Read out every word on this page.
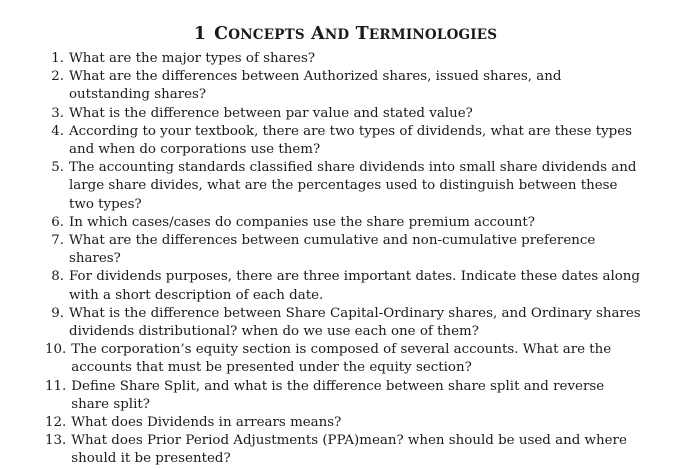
1 CONCEPTS AND TERMINOLOGIES
1. What are the major types of shares?
2. What are the differences between Authorized shares, issued shares, and outstanding shares?
3. What is the difference between par value and stated value?
4. According to your textbook, there are two types of dividends, what are these types and when do corporations use them?
5. The accounting standards classified share dividends into small share dividends and large share divides, what are the percentages used to distinguish between these two types?
6. In which cases/cases do companies use the share premium account?
7. What are the differences between cumulative and non-cumulative preference shares?
8. For dividends purposes, there are three important dates. Indicate these dates along with a short description of each date.
9. What is the difference between Share Capital-Ordinary shares, and Ordinary shares dividends distributional? when do we use each one of them?
10. The corporation’s equity section is composed of several accounts. What are the accounts that must be presented under the equity section?
11. Define Share Split, and what is the difference between share split and reverse share split?
12. What does Dividends in arrears means?
13. What does Prior Period Adjustments (PPA)mean? when should be used and where should it be presented?
